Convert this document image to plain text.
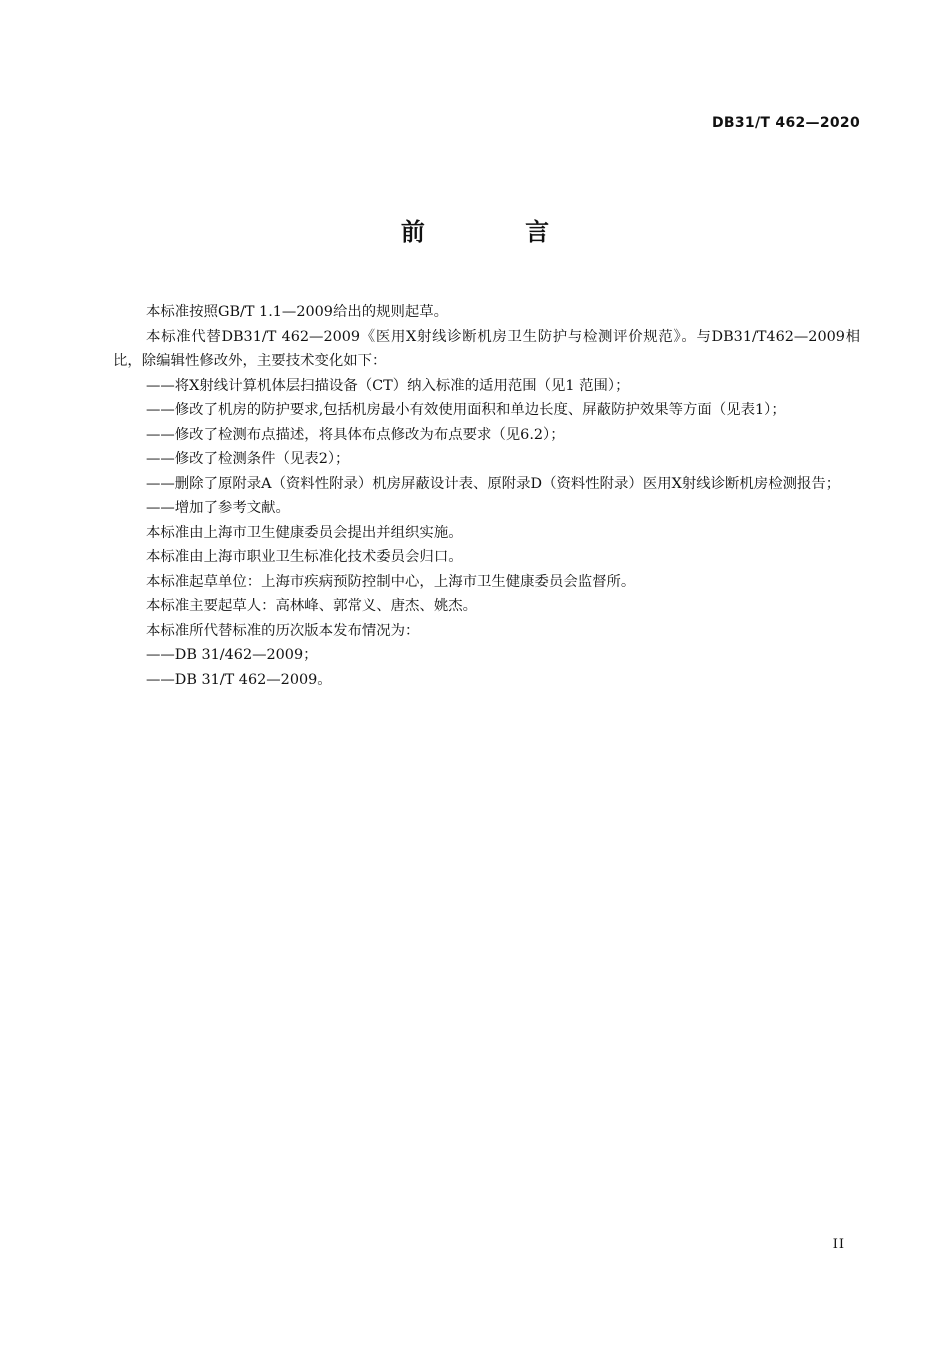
DB31/T 462—2020
前 言

本标准按照GB/T 1.1—2009给出的规则起草。

本标准代替DB31/T 462—2009《医用X射线诊断机房卫生防护与检测评价规范》。与DB31/T462—2009相比，除编辑性修改外，主要技术变化如下：

——将X射线计算机体层扫描设备（CT）纳入标准的适用范围（见1 范围）；

——修改了机房的防护要求,包括机房最小有效使用面积和单边长度、屏蔽防护效果等方面（见表1）；

——修改了检测布点描述，将具体布点修改为布点要求（见6.2）；

——修改了检测条件（见表2）；

——删除了原附录A（资料性附录）机房屏蔽设计表、原附录D（资料性附录）医用X射线诊断机房检测报告；

——增加了参考文献。

本标准由上海市卫生健康委员会提出并组织实施。

本标准由上海市职业卫生标准化技术委员会归口。

本标准起草单位：上海市疾病预防控制中心，上海市卫生健康委员会监督所。

本标准主要起草人：高林峰、郭常义、唐杰、姚杰。

本标准所代替标准的历次版本发布情况为：

——DB 31/462—2009；

——DB 31/T 462—2009。

II
